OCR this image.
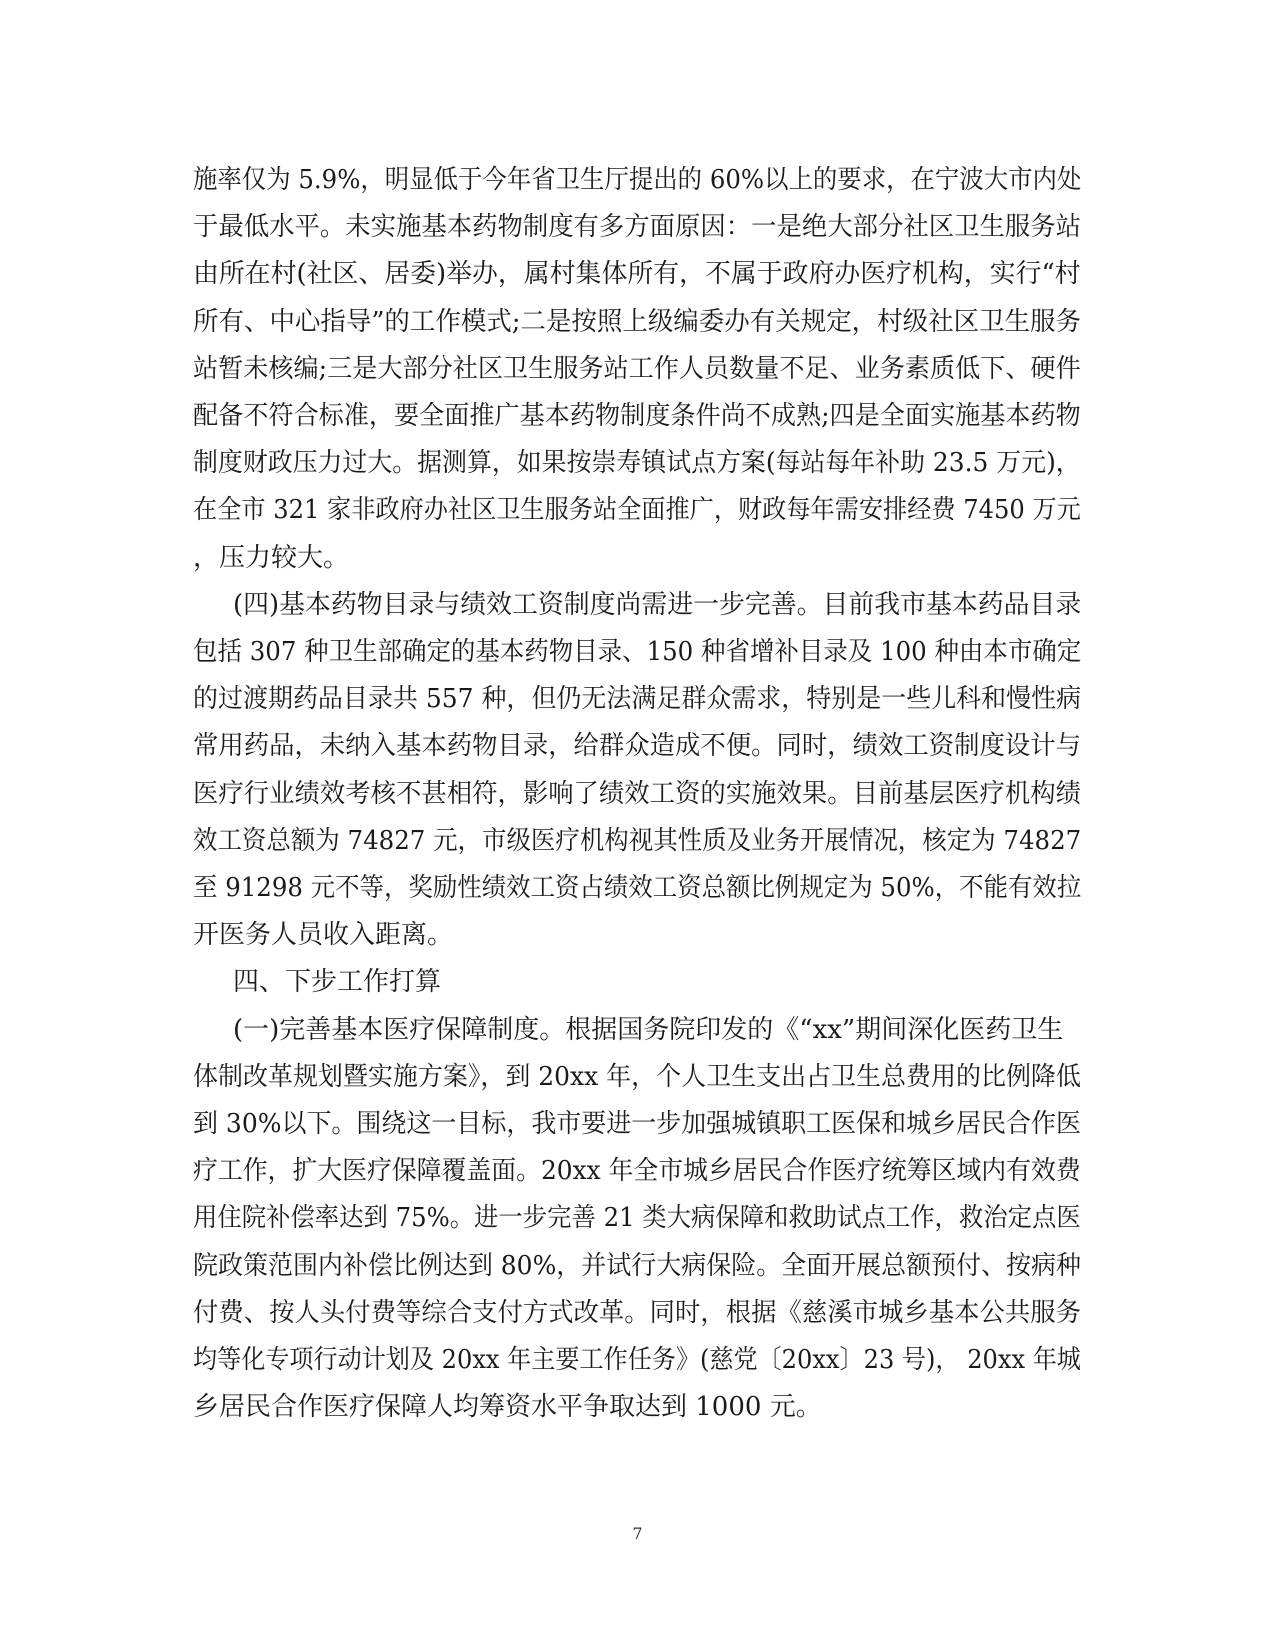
施率仅为 5.9%，明显低于今年省卫生厅提出的 60%以上的要求，在宁波大市内处
于最低水平。未实施基本药物制度有多方面原因：一是绝大部分社区卫生服务站
由所在村(社区、居委)举办，属村集体所有，不属于政府办医疗机构，实行“村
所有、中心指导”的工作模式;二是按照上级编委办有关规定，村级社区卫生服务
站暂未核编;三是大部分社区卫生服务站工作人员数量不足、业务素质低下、硬件
配备不符合标准，要全面推广基本药物制度条件尚不成熟;四是全面实施基本药物
制度财政压力过大。据测算，如果按崇寿镇试点方案(每站每年补助 23.5 万元)，
在全市 321 家非政府办社区卫生服务站全面推广，财政每年需安排经费 7450 万元
，压力较大。
(四)基本药物目录与绩效工资制度尚需进一步完善。目前我市基本药品目录
包括 307 种卫生部确定的基本药物目录、150 种省增补目录及 100 种由本市确定
的过渡期药品目录共 557 种，但仍无法满足群众需求，特别是一些儿科和慢性病
常用药品，未纳入基本药物目录，给群众造成不便。同时，绩效工资制度设计与
医疗行业绩效考核不甚相符，影响了绩效工资的实施效果。目前基层医疗机构绩
效工资总额为 74827 元，市级医疗机构视其性质及业务开展情况，核定为 74827
至 91298 元不等，奖励性绩效工资占绩效工资总额比例规定为 50%，不能有效拉
开医务人员收入距离。
四、下步工作打算
(一)完善基本医疗保障制度。根据国务院印发的《“xx”期间深化医药卫生
体制改革规划暨实施方案》，到 20xx 年，个人卫生支出占卫生总费用的比例降低
到 30%以下。围绕这一目标，我市要进一步加强城镇职工医保和城乡居民合作医
疗工作，扩大医疗保障覆盖面。20xx 年全市城乡居民合作医疗统筹区域内有效费
用住院补偿率达到 75%。进一步完善 21 类大病保障和救助试点工作，救治定点医
院政策范围内补偿比例达到 80%，并试行大病保险。全面开展总额预付、按病种
付费、按人头付费等综合支付方式改革。同时，根据《慈溪市城乡基本公共服务
均等化专项行动计划及 20xx 年主要工作任务》(慈党〔20xx〕23 号)， 20xx 年城
乡居民合作医疗保障人均筹资水平争取达到 1000 元。
7
